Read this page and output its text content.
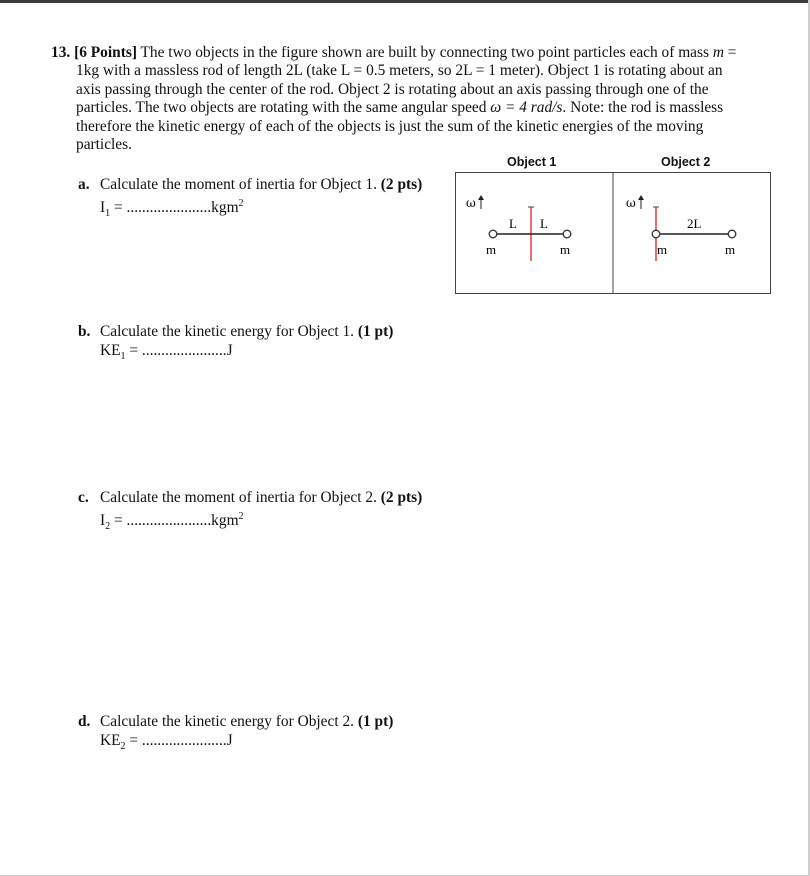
13. [6 Points] The two objects in the figure shown are built by connecting two point particles each of mass m =
1kg with a massless rod of length 2L (take L = 0.5 meters, so 2L = 1 meter). Object 1 is rotating about an
axis passing through the center of the rod. Object 2 is rotating about an axis passing through one of the
particles. The two objects are rotating with the same angular speed ω = 4 rad/s. Note: the rod is massless
therefore the kinetic energy of each of the objects is just the sum of the kinetic energies of the moving
particles.
Object 1	Object 2
ω
L L
m	m
ω
2L
m	m
a. Calculate the moment of inertia for Object 1. (2 pts)
$I_1 = ......................kgm^2$
b. Calculate the kinetic energy for Object 1. (1 pt)
$KE_1 = ......................J$
c. Calculate the moment of inertia for Object 2. (2 pts)
$I_2 = ......................kgm^2$
d. Calculate the kinetic energy for Object 2. (1 pt)
$KE_2 = ......................J$
